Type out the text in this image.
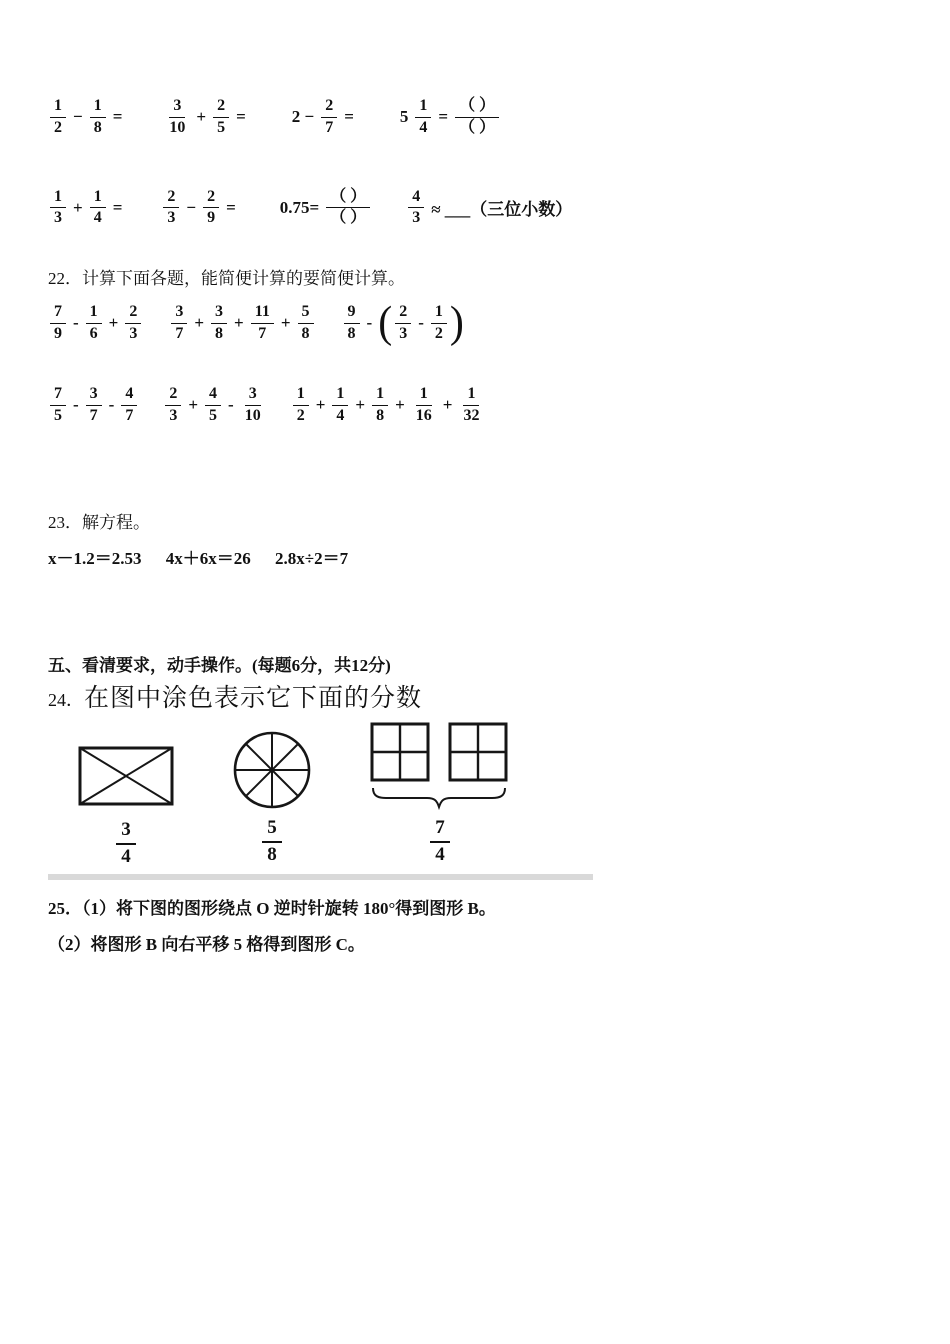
$\frac{1}{2} - \frac{1}{8}$ =	$\frac{3}{10} + \frac{2}{5}$ =	$2 - \frac{2}{7}$ =	$5 \frac{1}{4} = \frac{( )}{( )}$
$\frac{1}{3} + \frac{1}{4}$ =	$\frac{2}{3} - \frac{2}{9}$ =	$0.75= \frac{( )}{( )} \frac{4}{3}$ ≈ ___（三位小数）

22．计算下面各题，能简便计算的要简便计算。

$\frac{7}{9} - \frac{1}{6} + \frac{2}{3} \frac{3}{7} + \frac{3}{8} + \frac{11}{7} + \frac{5}{8} \frac{9}{8}$ - ( $\frac{2}{3} - \frac{1}{2}$ )
$\frac{7}{5} - \frac{3}{7} - \frac{4}{7} \frac{2}{3} + \frac{4}{5} - \frac{3}{10} \frac{1}{2} + \frac{1}{4} + \frac{1}{8} + \frac{1}{16} + \frac{1}{32}$

23．解方程。

x－1.2＝2.53 4x＋6x＝26 2.8x÷2＝7

五、看清要求，动手操作。(每题6分，共12分)

24． 在图中涂色表示它下面的分数

$\frac{3}{4}$	$\frac{5}{8}$	$\frac{7}{4}$

25．（1）将下图的图形绕点 O 逆时针旋转 180°得到图形 B。

（2）将图形 B 向右平移 5 格得到图形 C。
